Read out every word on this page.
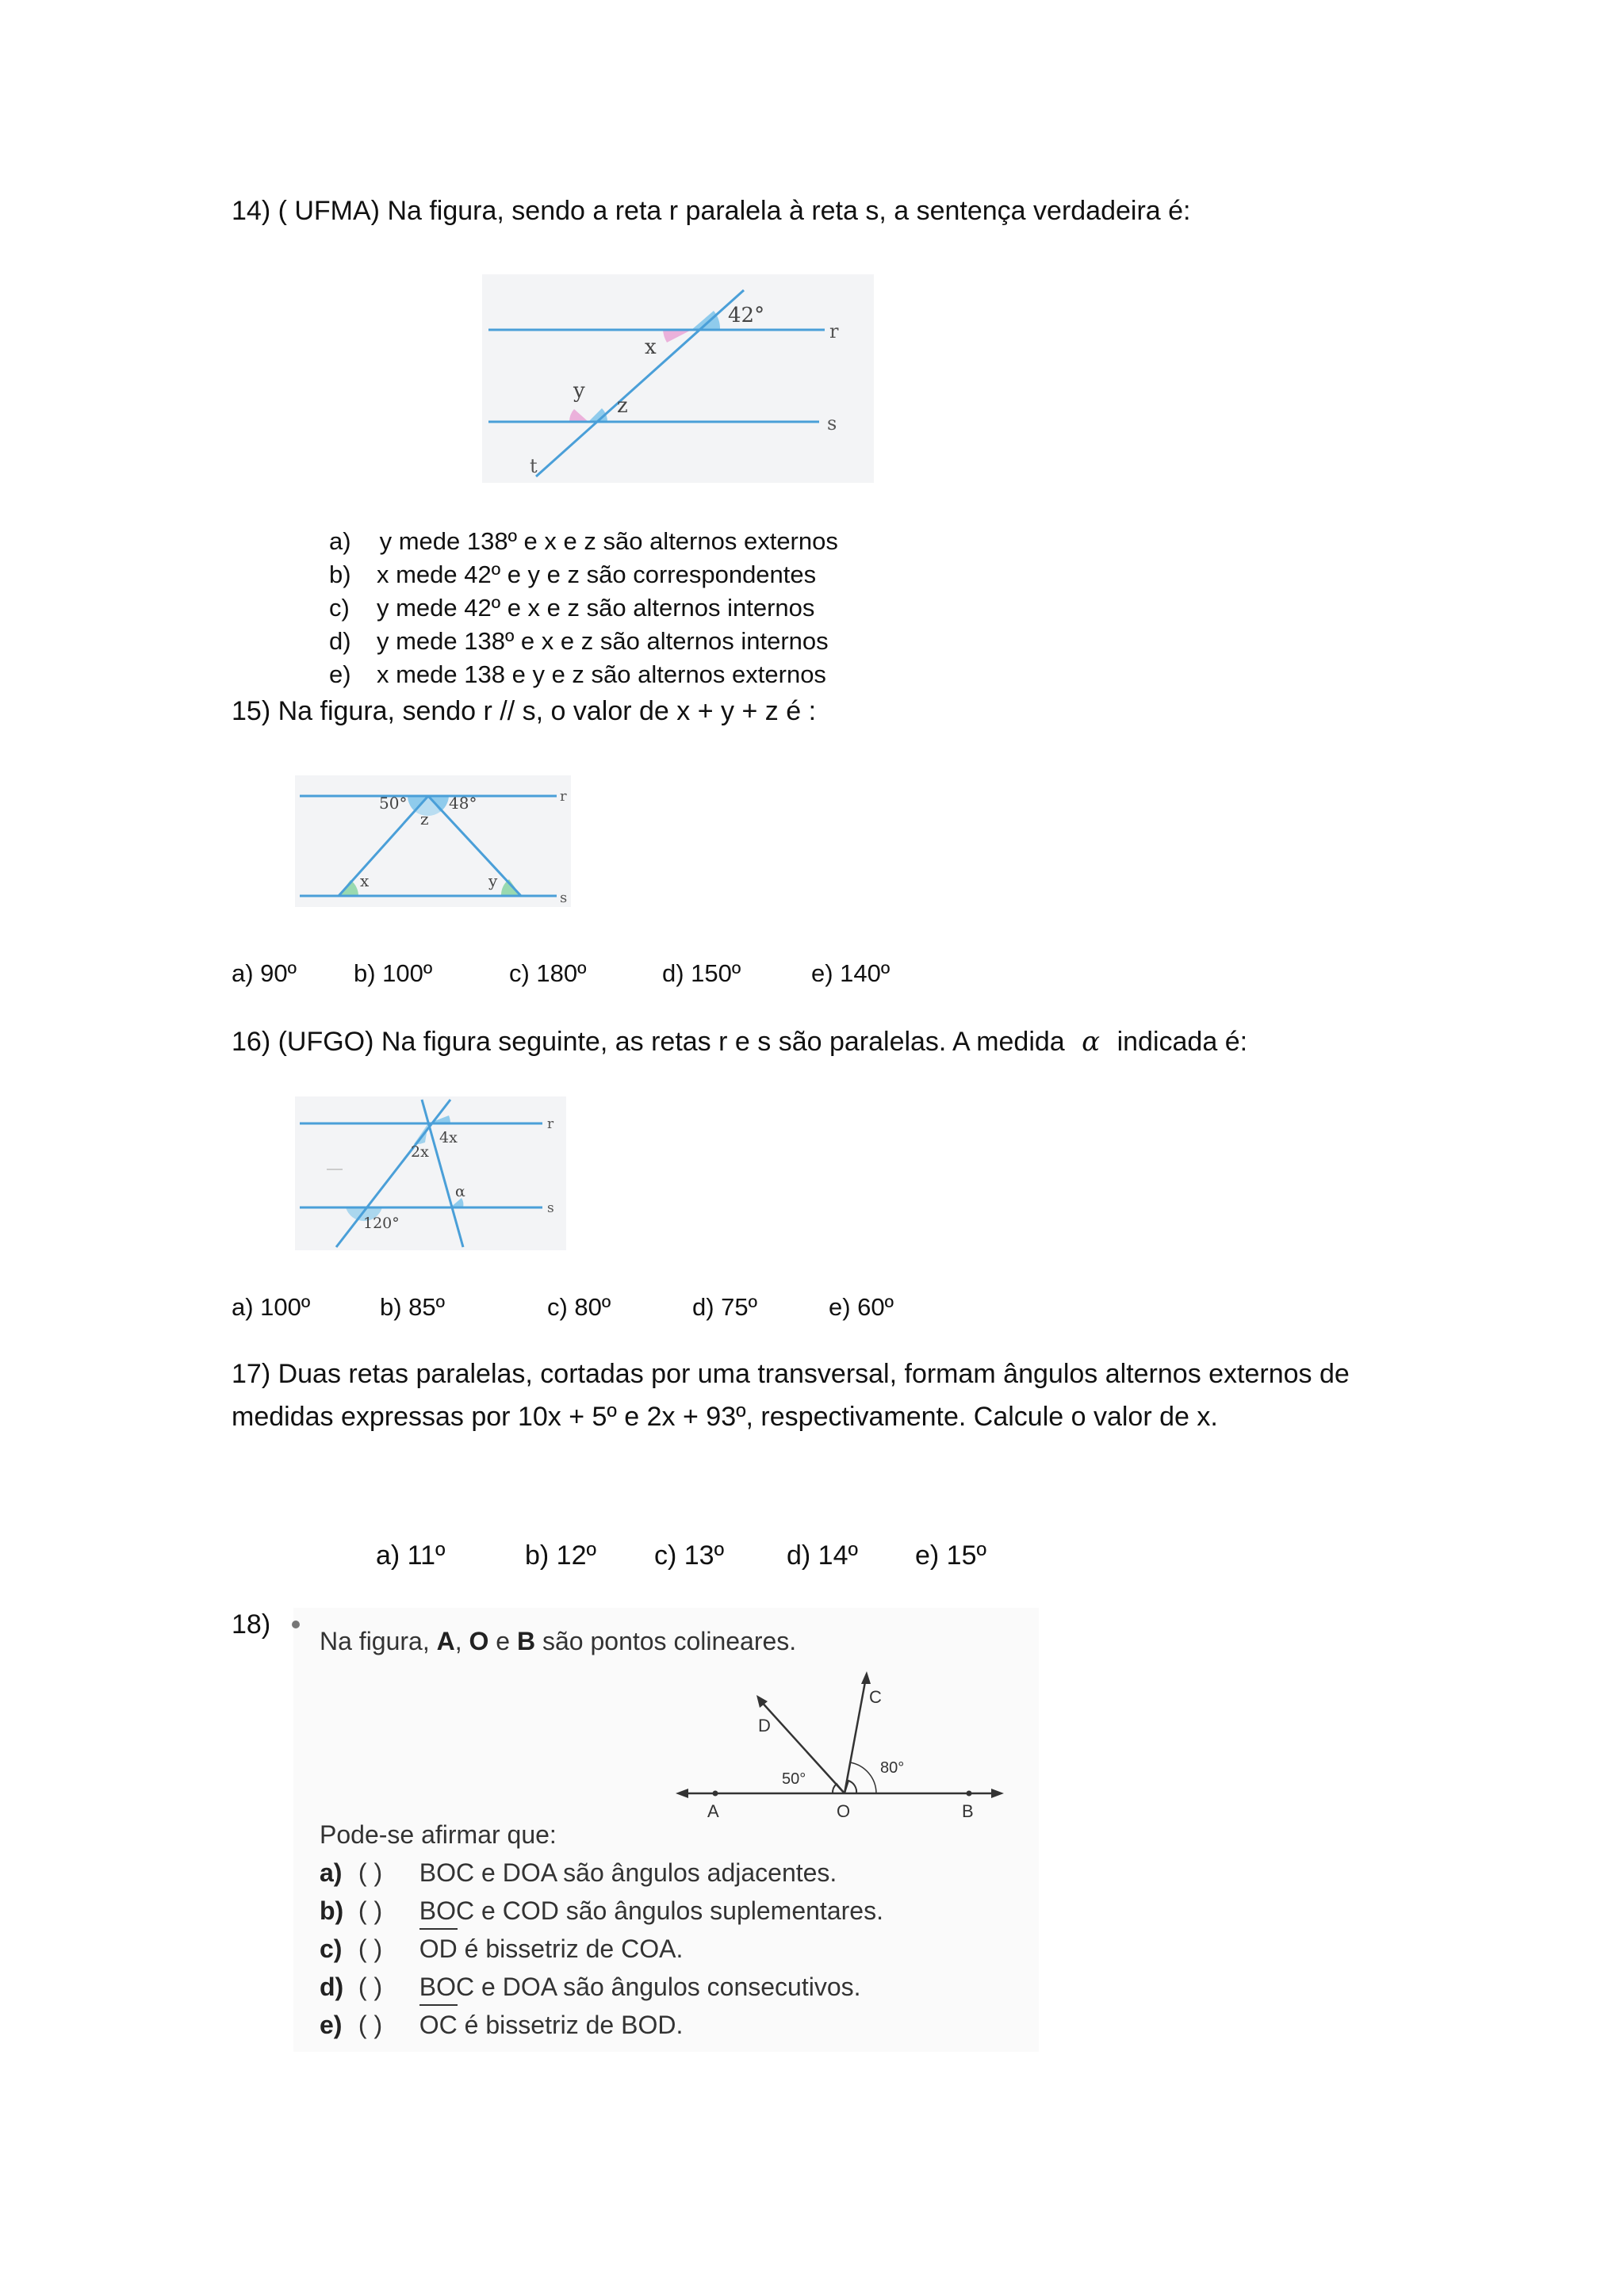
14) ( UFMA) Na figura, sendo a reta r paralela à reta s, a sentença verdadeira é:
42°
x
y
z
r
s
t
a) y mede 138º e x e z são alternos externos
b) x mede 42º e y e z são correspondentes
c) y mede 42º e x e z são alternos internos
d) y mede 138º e x e z são alternos internos
e) x mede 138 e y e z são alternos externos
15) Na figura, sendo r // s, o valor de x + y + z é :
50°	48°
z
x	y
r
s
a) 90º b) 100º	c) 180º	d) 150º	e) 140º
16) (UFGO) Na figura seguinte, as retas r e s são paralelas. A medida α indicada é:
4x
2x
α
120°
r
s
a) 100º	b) 85º	c) 80º	d) 75º	e) 60º
17) Duas retas paralelas, cortadas por uma transversal, formam ângulos alternos externos de
medidas expressas por 10x + 5º e 2x + 93º, respectivamente. Calcule o valor de x.
a) 11º	b) 12º c) 13º d) 14º e) 15º
18)
Na figura, A, O e B são pontos colineares.
C
D
50°
80°
A	O	B
Pode-se afirmar que:
a) ( ) BOC e DOA são ângulos adjacentes.
b) ( ) BOC e COD são ângulos suplementares.
c) ( ) OD é bissetriz de COA.
d) ( ) BOC e DOA são ângulos consecutivos.
e) ( ) OC é bissetriz de BOD.
